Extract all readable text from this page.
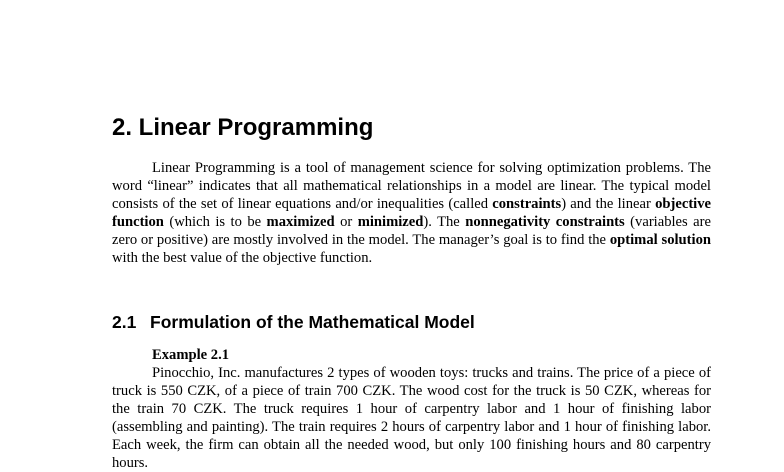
2. Linear Programming

Linear Programming is a tool of management science for solving optimization problems. The word “linear” indicates that all mathematical relationships in a model are linear. The typical model consists of the set of linear equations and/or inequalities (called constraints) and the linear objective function (which is to be maximized or minimized). The nonnegativity constraints (variables are zero or positive) are mostly involved in the model. The manager’s goal is to find the optimal solution with the best value of the objective function.

2.1 Formulation of the Mathematical Model

Example 2.1

Pinocchio, Inc. manufactures 2 types of wooden toys: trucks and trains. The price of a piece of truck is 550 CZK, of a piece of train 700 CZK. The wood cost for the truck is 50 CZK, whereas for the train 70 CZK. The truck requires 1 hour of carpentry labor and 1 hour of finishing labor (assembling and painting). The train requires 2 hours of carpentry labor and 1 hour of finishing labor. Each week, the firm can obtain all the needed wood, but only 100 finishing hours and 80 carpentry hours.
